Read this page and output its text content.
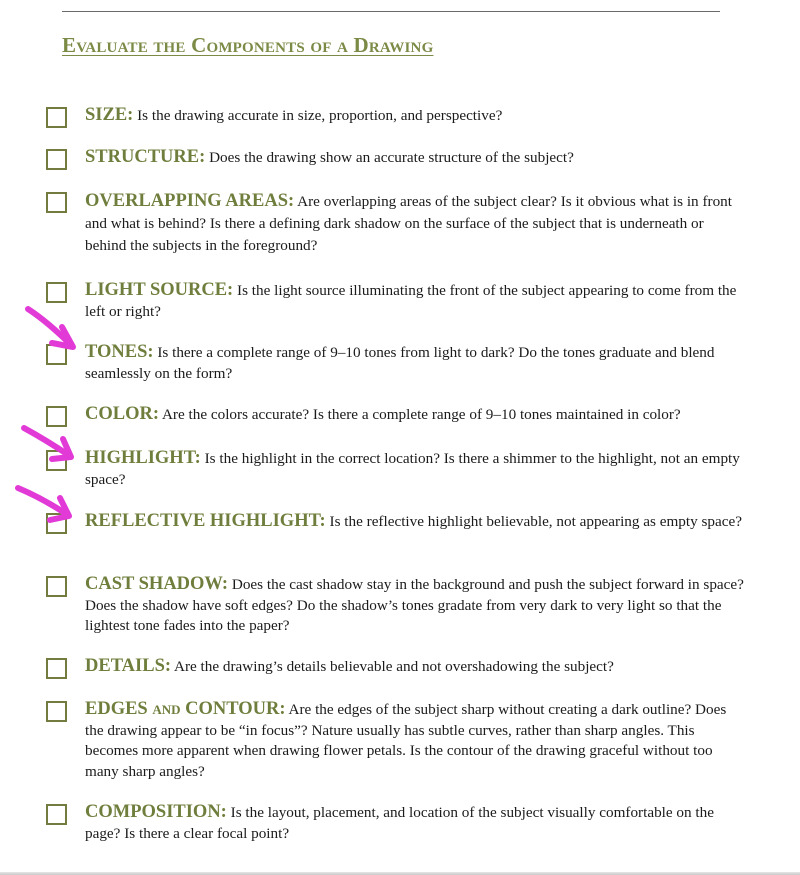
Evaluate the Components of a Drawing
SIZE: Is the drawing accurate in size, proportion, and perspective?
STRUCTURE: Does the drawing show an accurate structure of the subject?
OVERLAPPING AREAS: Are overlapping areas of the subject clear? Is it obvious what is in front and what is behind? Is there a defining dark shadow on the surface of the subject that is underneath or behind the subjects in the foreground?
LIGHT SOURCE: Is the light source illuminating the front of the subject appearing to come from the left or right?
TONES: Is there a complete range of 9–10 tones from light to dark? Do the tones graduate and blend seamlessly on the form?
COLOR: Are the colors accurate? Is there a complete range of 9–10 tones maintained in color?
HIGHLIGHT: Is the highlight in the correct location? Is there a shimmer to the highlight, not an empty space?
REFLECTIVE HIGHLIGHT: Is the reflective highlight believable, not appearing as empty space?
CAST SHADOW: Does the cast shadow stay in the background and push the subject forward in space? Does the shadow have soft edges? Do the shadow’s tones gradate from very dark to very light so that the lightest tone fades into the paper?
DETAILS: Are the drawing’s details believable and not overshadowing the subject?
EDGES and CONTOUR: Are the edges of the subject sharp without creating a dark outline? Does the drawing appear to be “in focus”? Nature usually has subtle curves, rather than sharp angles. This becomes more apparent when drawing flower petals. Is the contour of the drawing graceful without too many sharp angles?
COMPOSITION: Is the layout, placement, and location of the subject visually comfortable on the page? Is there a clear focal point?
